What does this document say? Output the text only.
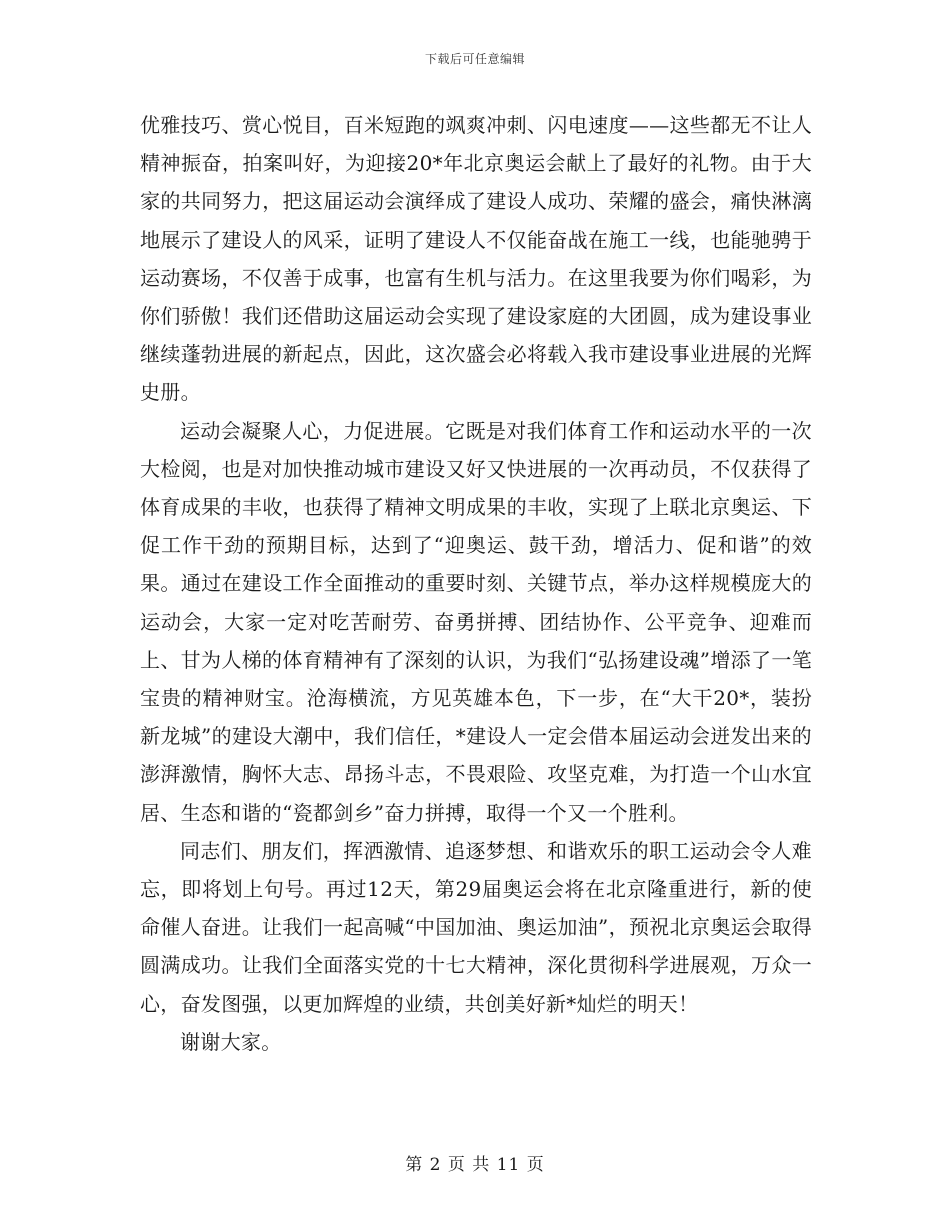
下载后可任意编辑

优雅技巧、赏心悦目，百米短跑的飒爽冲刺、闪电速度——这些都无不让人精神振奋，拍案叫好，为迎接20*年北京奥运会献上了最好的礼物。由于大家的共同努力，把这届运动会演绎成了建设人成功、荣耀的盛会，痛快淋漓地展示了建设人的风采，证明了建设人不仅能奋战在施工一线，也能驰骋于运动赛场，不仅善于成事，也富有生机与活力。在这里我要为你们喝彩，为你们骄傲！我们还借助这届运动会实现了建设家庭的大团圆，成为建设事业继续蓬勃进展的新起点，因此，这次盛会必将载入我市建设事业进展的光辉史册。

运动会凝聚人心，力促进展。它既是对我们体育工作和运动水平的一次大检阅，也是对加快推动城市建设又好又快进展的一次再动员，不仅获得了体育成果的丰收，也获得了精神文明成果的丰收，实现了上联北京奥运、下促工作干劲的预期目标，达到了“迎奥运、鼓干劲，增活力、促和谐”的效果。通过在建设工作全面推动的重要时刻、关键节点，举办这样规模庞大的运动会，大家一定对吃苦耐劳、奋勇拼搏、团结协作、公平竞争、迎难而上、甘为人梯的体育精神有了深刻的认识，为我们“弘扬建设魂”增添了一笔宝贵的精神财宝。沧海横流，方见英雄本色，下一步，在“大干20*，装扮新龙城”的建设大潮中，我们信任，*建设人一定会借本届运动会迸发出来的澎湃激情，胸怀大志、昂扬斗志，不畏艰险、攻坚克难，为打造一个山水宜居、生态和谐的“瓷都剑乡”奋力拼搏，取得一个又一个胜利。

同志们、朋友们，挥洒激情、追逐梦想、和谐欢乐的职工运动会令人难忘，即将划上句号。再过12天，第29届奥运会将在北京隆重进行，新的使命催人奋进。让我们一起高喊“中国加油、奥运加油”，预祝北京奥运会取得圆满成功。让我们全面落实党的十七大精神，深化贯彻科学进展观，万众一心，奋发图强，以更加辉煌的业绩，共创美好新*灿烂的明天！

谢谢大家。

第 2 页 共 11 页
